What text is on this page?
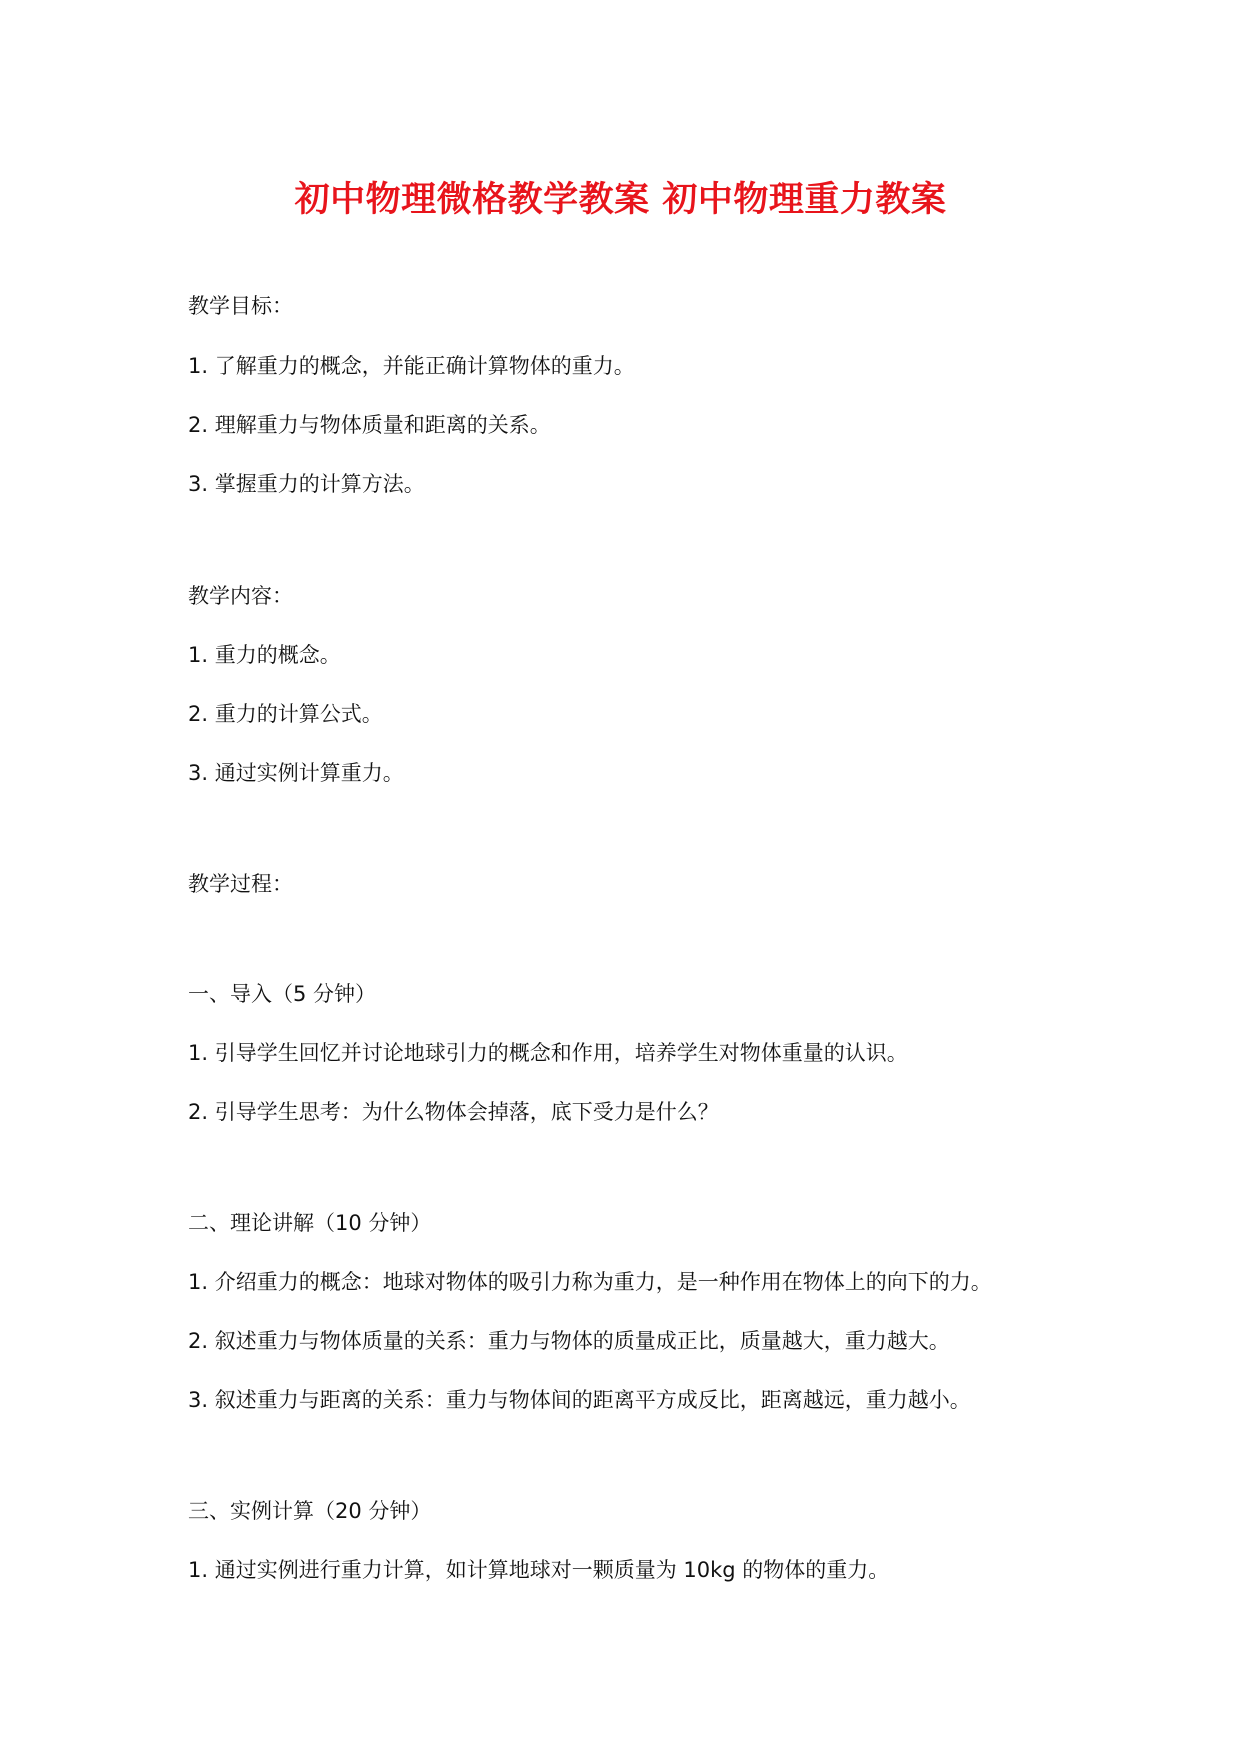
初中物理微格教学教案 初中物理重力教案
教学目标：
1. 了解重力的概念，并能正确计算物体的重力。
2. 理解重力与物体质量和距离的关系。
3. 掌握重力的计算方法。
教学内容：
1. 重力的概念。
2. 重力的计算公式。
3. 通过实例计算重力。
教学过程：
一、导入（5 分钟）
1. 引导学生回忆并讨论地球引力的概念和作用，培养学生对物体重量的认识。
2. 引导学生思考：为什么物体会掉落，底下受力是什么？
二、理论讲解（10 分钟）
1. 介绍重力的概念：地球对物体的吸引力称为重力，是一种作用在物体上的向下的力。
2. 叙述重力与物体质量的关系：重力与物体的质量成正比，质量越大，重力越大。
3. 叙述重力与距离的关系：重力与物体间的距离平方成反比，距离越远，重力越小。
三、实例计算（20 分钟）
1. 通过实例进行重力计算，如计算地球对一颗质量为 10kg 的物体的重力。
